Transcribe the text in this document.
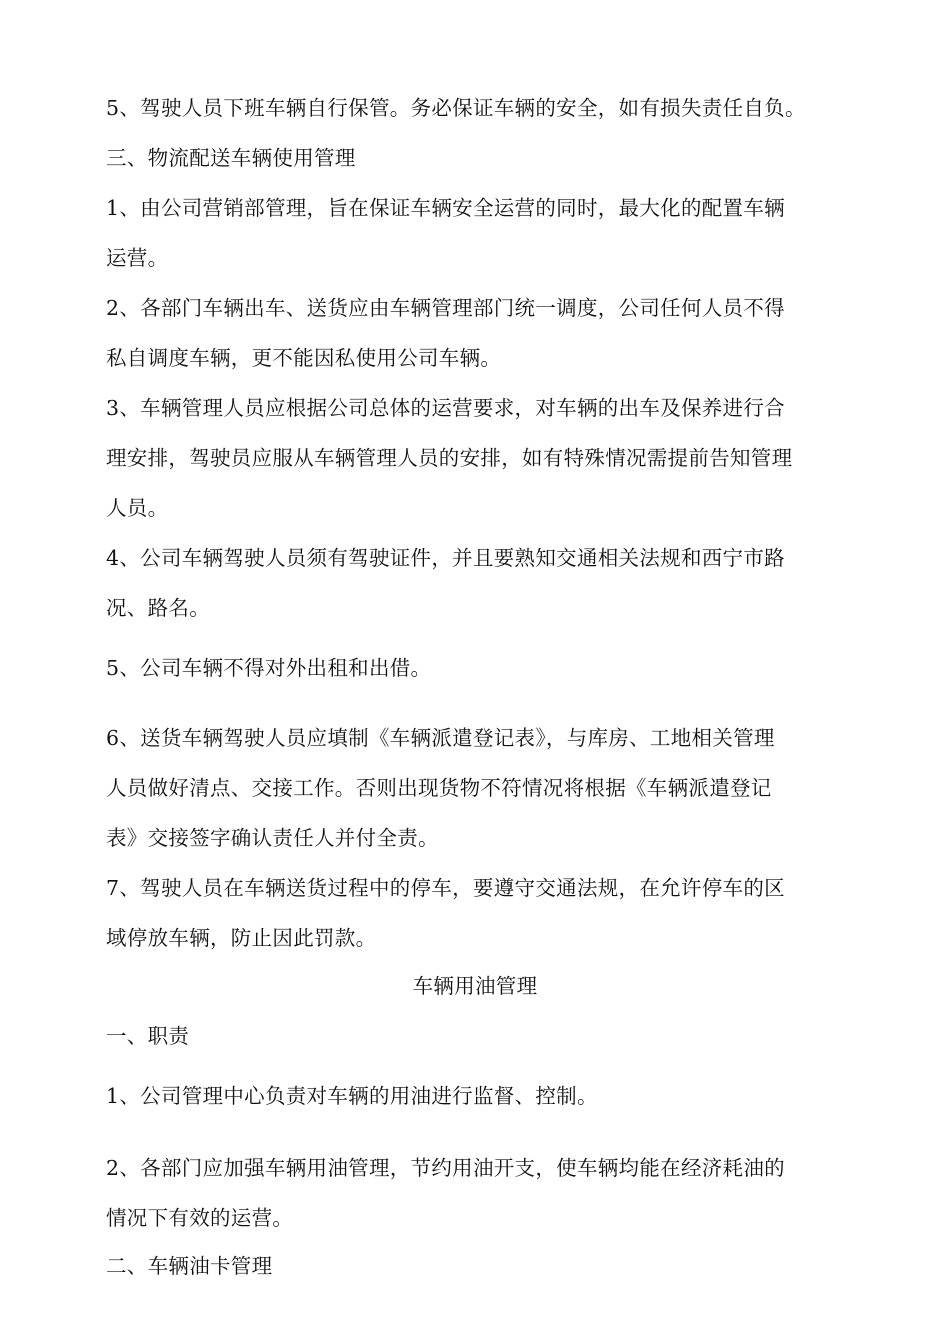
5、驾驶人员下班车辆自行保管。务必保证车辆的安全，如有损失责任自负。
三、物流配送车辆使用管理
1、由公司营销部管理，旨在保证车辆安全运营的同时，最大化的配置车辆
运营。
2、各部门车辆出车、送货应由车辆管理部门统一调度，公司任何人员不得
私自调度车辆，更不能因私使用公司车辆。
3、车辆管理人员应根据公司总体的运营要求，对车辆的出车及保养进行合
理安排，驾驶员应服从车辆管理人员的安排，如有特殊情况需提前告知管理
人员。
4、公司车辆驾驶人员须有驾驶证件，并且要熟知交通相关法规和西宁市路
况、路名。
5、公司车辆不得对外出租和出借。
6、送货车辆驾驶人员应填制《车辆派遣登记表》，与库房、工地相关管理
人员做好清点、交接工作。否则出现货物不符情况将根据《车辆派遣登记
表》交接签字确认责任人并付全责。
7、驾驶人员在车辆送货过程中的停车，要遵守交通法规，在允许停车的区
域停放车辆，防止因此罚款。
车辆用油管理
一、职责
1、公司管理中心负责对车辆的用油进行监督、控制。
2、各部门应加强车辆用油管理，节约用油开支，使车辆均能在经济耗油的
情况下有效的运营。
二、车辆油卡管理
